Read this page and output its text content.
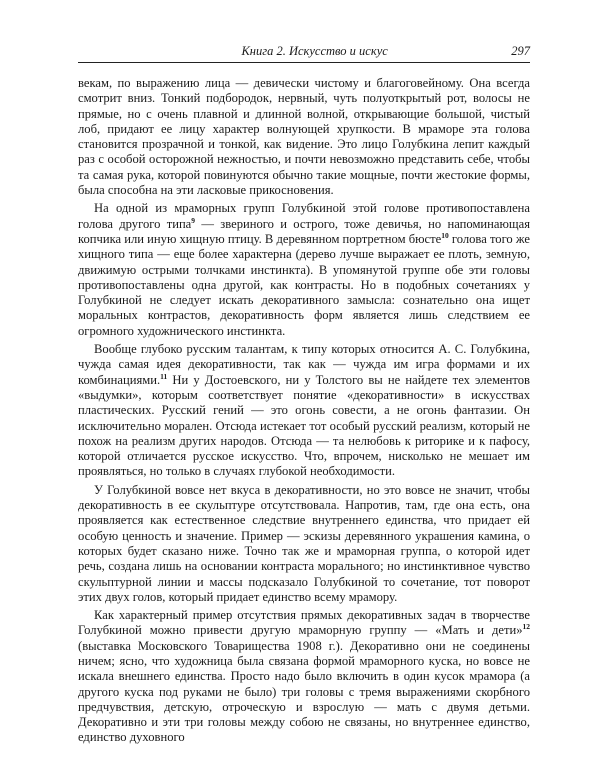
Книга 2. Искусство и искус	297

векам, по выражению лица — девически чистому и благоговейному. Она всегда смотрит вниз. Тонкий подбородок, нервный, чуть полуоткрытый рот, волосы не прямые, но с очень плавной и длинной волной, открывающие большой, чистый лоб, придают ее лицу характер волнующей хрупкости. В мраморе эта голова становится прозрачной и тонкой, как видение. Это лицо Голубкина лепит каждый раз с особой осторожной нежностью, и почти невозможно представить себе, чтобы та самая рука, которой повинуются обычно такие мощные, почти жестокие формы, была способна на эти ласковые прикосновения.

На одной из мраморных групп Голубкиной этой голове противопоставлена голова другого типа$^9$ — звериного и острого, тоже девичья, но напоминающая копчика или иную хищную птицу. В деревянном портретном бюсте$^{10}$ голова того же хищного типа — еще более характерна (дерево лучше выражает ее плоть, земную, движимую острыми толчками инстинкта). В упомянутой группе обе эти головы противопоставлены одна другой, как контрасты. Но в подобных сочетаниях у Голубкиной не следует искать декоративного замысла: сознательно она ищет моральных контрастов, декоративность форм является лишь следствием ее огромного художнического инстинкта.

Вообще глубоко русским талантам, к типу которых относится А. С. Голубкина, чужда самая идея декоративности, так как — чужда им игра формами и их комбинациями.$^{11}$ Ни у Достоевского, ни у Толстого вы не найдете тех элементов «выдумки», которым соответствует понятие «декоративности» в искусствах пластических. Русский гений — это огонь совести, а не огонь фантазии. Он исключительно морален. Отсюда истекает тот особый русский реализм, который не похож на реализм других народов. Отсюда — та нелюбовь к риторике и к пафосу, которой отличается русское искусство. Что, впрочем, нисколько не мешает им проявляться, но только в случаях глубокой необходимости.

У Голубкиной вовсе нет вкуса в декоративности, но это вовсе не значит, чтобы декоративность в ее скульптуре отсутствовала. Напротив, там, где она есть, она проявляется как естественное следствие внутреннего единства, что придает ей особую ценность и значение. Пример — эскизы деревянного украшения камина, о которых будет сказано ниже. Точно так же и мраморная группа, о которой идет речь, создана лишь на основании контраста морального; но инстинктивное чувство скульптурной линии и массы подсказало Голубкиной то сочетание, тот поворот этих двух голов, который придает единство всему мрамору.

Как характерный пример отсутствия прямых декоративных задач в творчестве Голубкиной можно привести другую мраморную группу — «Мать и дети»$^{12}$ (выставка Московского Товарищества 1908 г.). Декоративно они не соединены ничем; ясно, что художница была связана формой мраморного куска, но вовсе не искала внешнего единства. Просто надо было включить в один кусок мрамора (а другого куска под руками не было) три головы с тремя выражениями скорбного предчувствия, детскую, отроческую и взрослую — мать с двумя детьми. Декоративно и эти три головы между собою не связаны, но внутреннее единство, единство духовного
